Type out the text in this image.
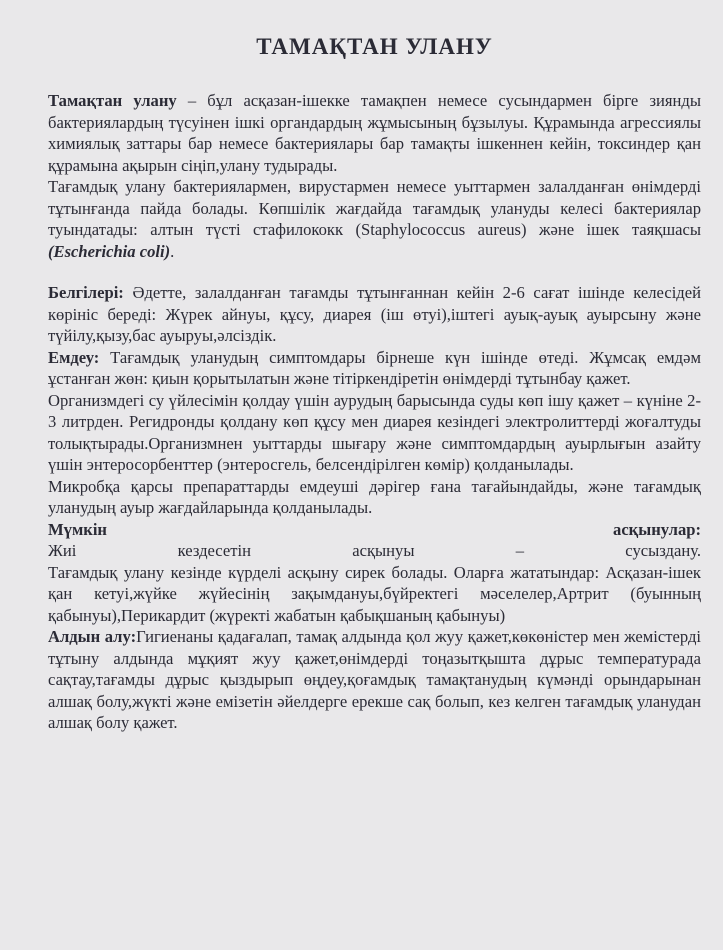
ТАМАҚТАН УЛАНУ

Тамақтан улану – бұл асқазан-ішекке тамақпен немесе сусындармен бірге зиянды бактериялардың түсуінен ішкі органдардың жұмысының бұзылуы. Құрамында агрессиялы химиялық заттары бар немесе бактериялары бар тамақты ішкеннен кейін, токсиндер қан құрамына ақырын сіңіп,улану тудырады.

Тағамдық улану бактериялармен, вирустармен немесе уыттармен залалданған өнімдерді тұтынғанда пайда болады. Көпшілік жағдайда тағамдық улануды келесі бактериялар туындатады: алтын түсті стафилококк (Staphylococcus aureus) және ішек таяқшасы (Escherichia coli).

Белгілері: Әдетте, залалданған тағамды тұтынғаннан кейін 2-6 сағат ішінде келесідей көрініс береді: Жүрек айнуы, құсу, диарея (іш өтуі),іштегі ауық-ауық ауырсыну және түйілу,қызу,бас ауыруы,әлсіздік.

Емдеу: Тағамдық уланудың симптомдары бірнеше күн ішінде өтеді. Жұмсақ емдәм ұстанған жөн: қиын қорытылатын және тітіркендіретін өнімдерді тұтынбау қажет.

Организмдегі су үйлесімін қолдау үшін аурудың барысында суды көп ішу қажет – күніне 2-3 литрден. Регидронды қолдану көп құсу мен диарея кезіндегі электролиттерді жоғалтуды толықтырады.Организмнен уыттарды шығару және симптомдардың ауырлығын азайту үшін энтеросорбенттер (энтеросгель, белсендірілген көмір) қолданылады.

Микробқа қарсы препараттарды емдеуші дәрігер ғана тағайындайды, және тағамдық уланудың ауыр жағдайларында қолданылады.

Мүмкін	асқынулар:

Жиі кездесетін асқынуы – сусыздану.

Тағамдық улану кезінде күрделі асқыну сирек болады. Оларға жататындар: Асқазан-ішек қан кетуі,жүйке жүйесінің зақымдануы,бүйректегі мәселелер,Артрит (буынның қабынуы),Перикардит (жүректі жабатын қабықшаның қабынуы)

Алдын алу:Гигиенаны қадағалап, тамақ алдында қол жуу қажет,көкөністер мен жемістерді тұтыну алдында мұқият жуу қажет,өнімдерді тоңазытқышта дұрыс температурада сақтау,тағамды дұрыс қыздырып өңдеу,қоғамдық тамақтанудың күмәнді орындарынан алшақ болу,жүкті және емізетін әйелдерге ерекше сақ болып, кез келген тағамдық уланудан алшақ болу қажет.
